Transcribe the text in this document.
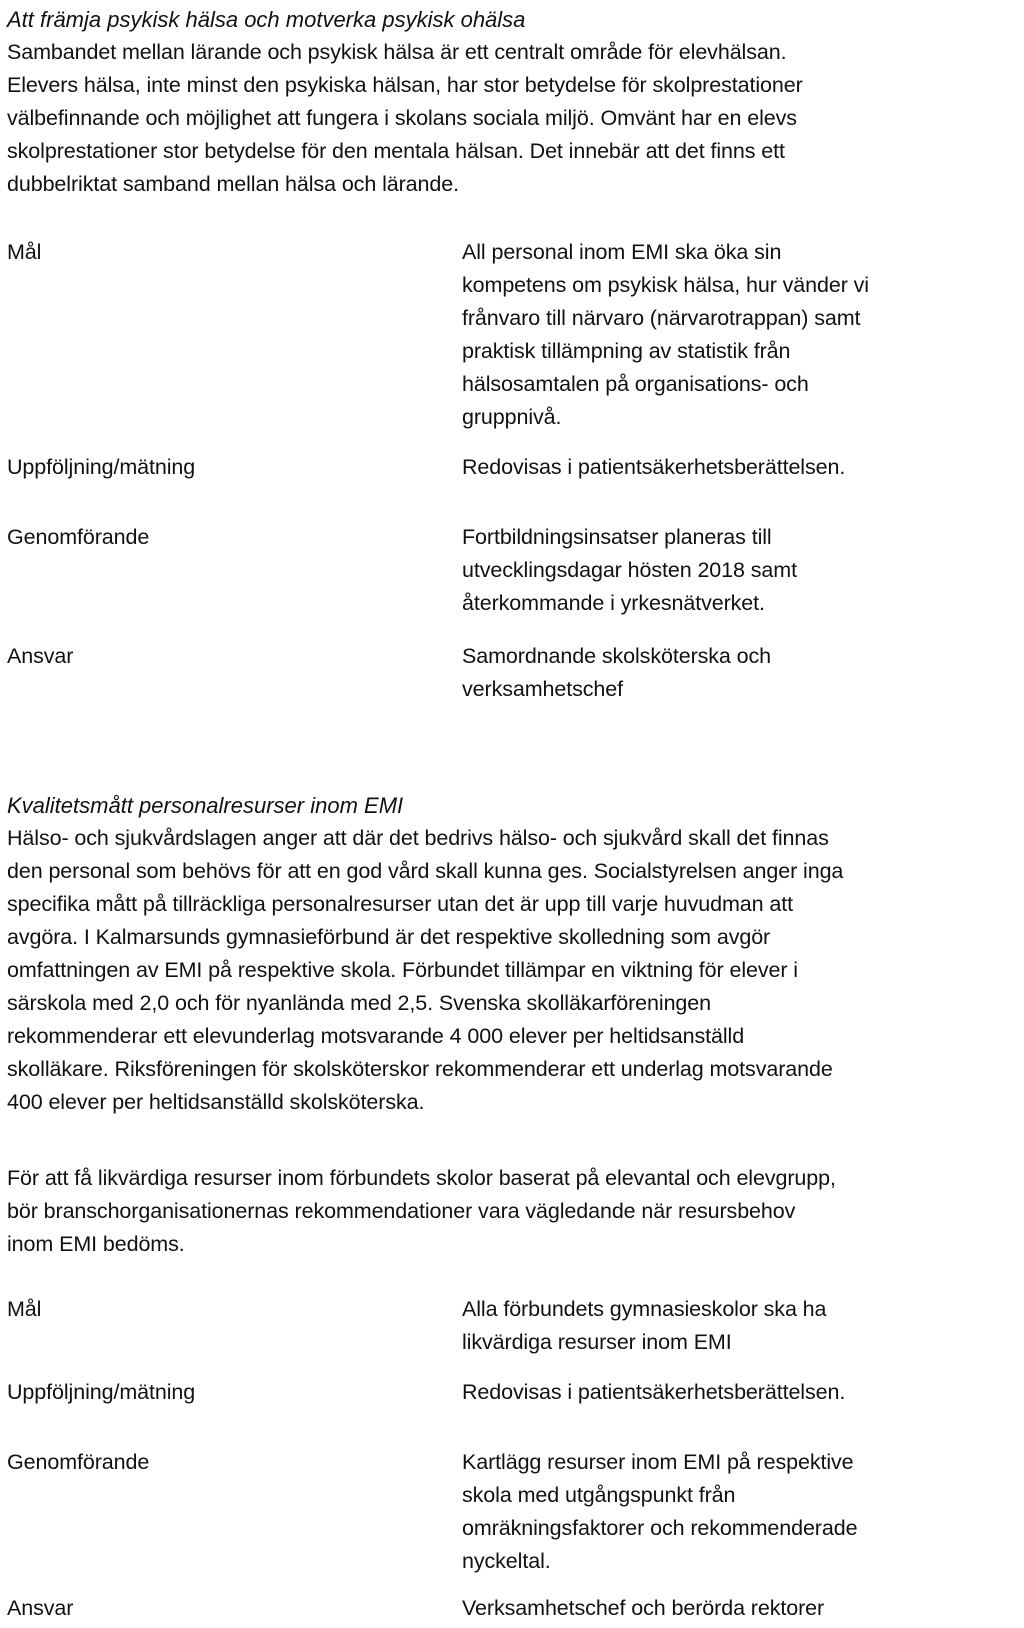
Att främja psykisk hälsa och motverka psykisk ohälsa

Sambandet mellan lärande och psykisk hälsa är ett centralt område för elevhälsan.

Elevers hälsa, inte minst den psykiska hälsan, har stor betydelse för skolprestationer

välbefinnande och möjlighet att fungera i skolans sociala miljö. Omvänt har en elevs

skolprestationer stor betydelse för den mentala hälsan. Det innebär att det finns ett

dubbelriktat samband mellan hälsa och lärande.

Mål	All personal inom EMI ska öka sin

kompetens om psykisk hälsa, hur vänder vi

frånvaro till närvaro (närvarotrappan) samt

praktisk tillämpning av statistik från

hälsosamtalen på organisations- och

gruppnivå.

Uppföljning/mätning	Redovisas i patientsäkerhetsberättelsen.

Genomförande	Fortbildningsinsatser planeras till

utvecklingsdagar hösten 2018 samt

återkommande i yrkesnätverket.

Ansvar	Samordnande skolsköterska och

verksamhetschef

Kvalitetsmått personalresurser inom EMI

Hälso- och sjukvårdslagen anger att där det bedrivs hälso- och sjukvård skall det finnas

den personal som behövs för att en god vård skall kunna ges. Socialstyrelsen anger inga

specifika mått på tillräckliga personalresurser utan det är upp till varje huvudman att

avgöra. I Kalmarsunds gymnasieförbund är det respektive skolledning som avgör

omfattningen av EMI på respektive skola. Förbundet tillämpar en viktning för elever i

särskola med 2,0 och för nyanlända med 2,5. Svenska skolläkarföreningen

rekommenderar ett elevunderlag motsvarande 4 000 elever per heltidsanställd

skolläkare. Riksföreningen för skolsköterskor rekommenderar ett underlag motsvarande

400 elever per heltidsanställd skolsköterska.

För att få likvärdiga resurser inom förbundets skolor baserat på elevantal och elevgrupp,

bör branschorganisationernas rekommendationer vara vägledande när resursbehov

inom EMI bedöms.

Mål	Alla förbundets gymnasieskolor ska ha

likvärdiga resurser inom EMI

Uppföljning/mätning	Redovisas i patientsäkerhetsberättelsen.

Genomförande	Kartlägg resurser inom EMI på respektive

skola med utgångspunkt från

omräkningsfaktorer och rekommenderade

nyckeltal.

Ansvar	Verksamhetschef och berörda rektorer
